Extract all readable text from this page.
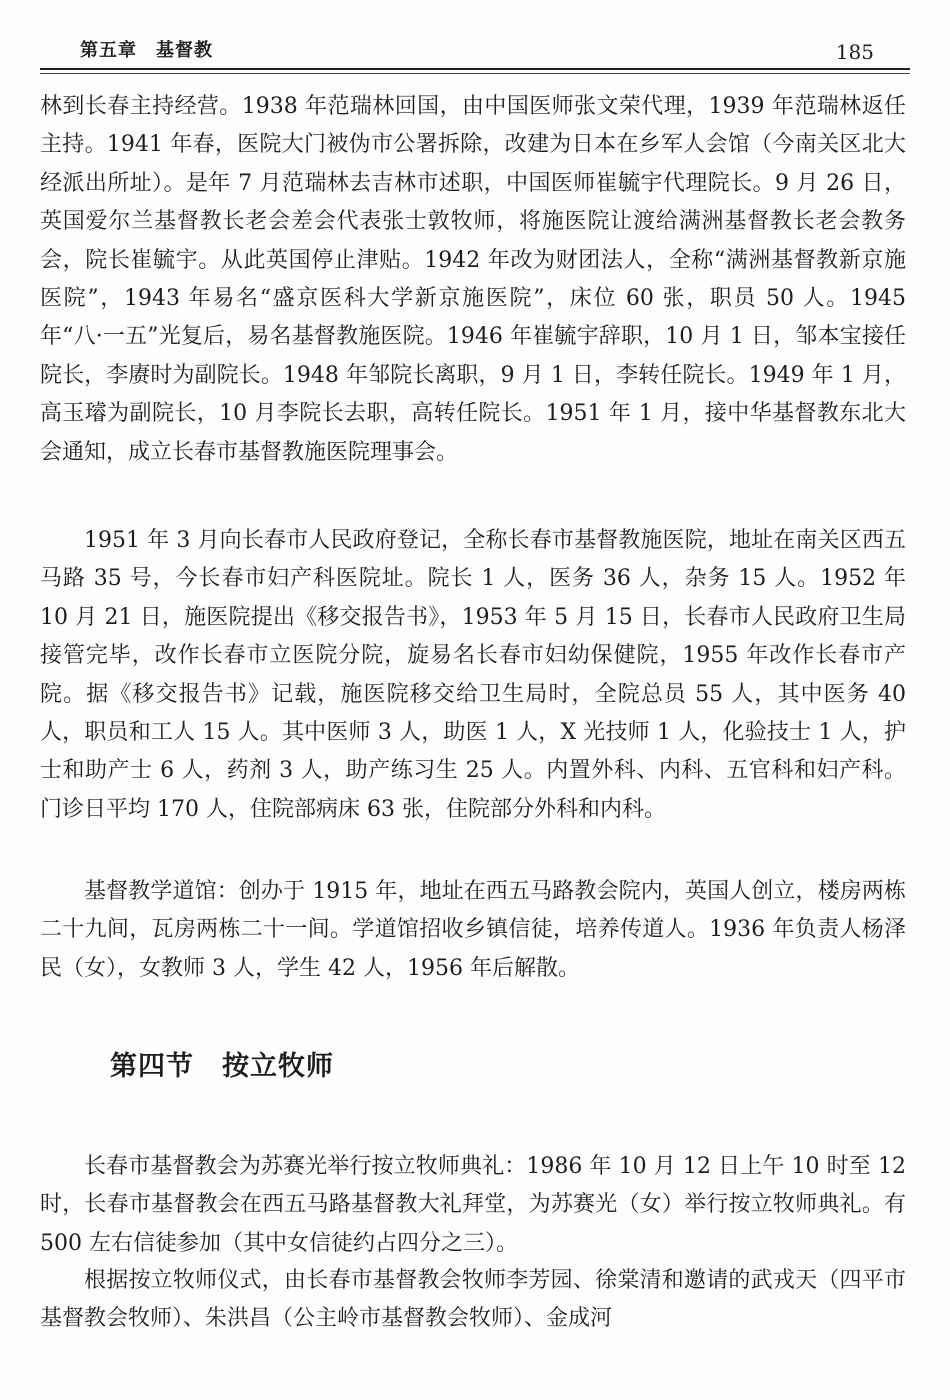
第五章　基督教	185

林到长春主持经营。1938 年范瑞林回国，由中国医师张文荣代理，1939 年范瑞林返任主持。1941 年春，医院大门被伪市公署拆除，改建为日本在乡军人会馆（今南关区北大经派出所址）。是年 7 月范瑞林去吉林市述职，中国医师崔毓宇代理院长。9 月 26 日，英国爱尔兰基督教长老会差会代表张士敦牧师，将施医院让渡给满洲基督教长老会教务会，院长崔毓宇。从此英国停止津贴。1942 年改为财团法人，全称“满洲基督教新京施医院”，1943 年易名“盛京医科大学新京施医院”，床位 60 张，职员 50 人。1945 年“八·一五”光复后，易名基督教施医院。1946 年崔毓宇辞职，10 月 1 日，邹本宝接任院长，李赓时为副院长。1948 年邹院长离职，9 月 1 日，李转任院长。1949 年 1 月，高玉璿为副院长，10 月李院长去职，高转任院长。1951 年 1 月，接中华基督教东北大会通知，成立长春市基督教施医院理事会。

1951 年 3 月向长春市人民政府登记，全称长春市基督教施医院，地址在南关区西五马路 35 号，今长春市妇产科医院址。院长 1 人，医务 36 人，杂务 15 人。1952 年 10 月 21 日，施医院提出《移交报告书》，1953 年 5 月 15 日，长春市人民政府卫生局接管完毕，改作长春市立医院分院，旋易名长春市妇幼保健院，1955 年改作长春市产院。据《移交报告书》记载，施医院移交给卫生局时，全院总员 55 人，其中医务 40 人，职员和工人 15 人。其中医师 3 人，助医 1 人，X 光技师 1 人，化验技士 1 人，护士和助产士 6 人，药剂 3 人，助产练习生 25 人。内置外科、内科、五官科和妇产科。门诊日平均 170 人，住院部病床 63 张，住院部分外科和内科。

基督教学道馆：创办于 1915 年，地址在西五马路教会院内，英国人创立，楼房两栋二十九间，瓦房两栋二十一间。学道馆招收乡镇信徒，培养传道人。1936 年负责人杨泽民（女），女教师 3 人，学生 42 人，1956 年后解散。

第四节　按立牧师

长春市基督教会为苏赛光举行按立牧师典礼：1986 年 10 月 12 日上午 10 时至 12 时，长春市基督教会在西五马路基督教大礼拜堂，为苏赛光（女）举行按立牧师典礼。有 500 左右信徒参加（其中女信徒约占四分之三）。

根据按立牧师仪式，由长春市基督教会牧师李芳园、徐棠清和邀请的武戎天（四平市基督教会牧师）、朱洪昌（公主岭市基督教会牧师）、金成河
